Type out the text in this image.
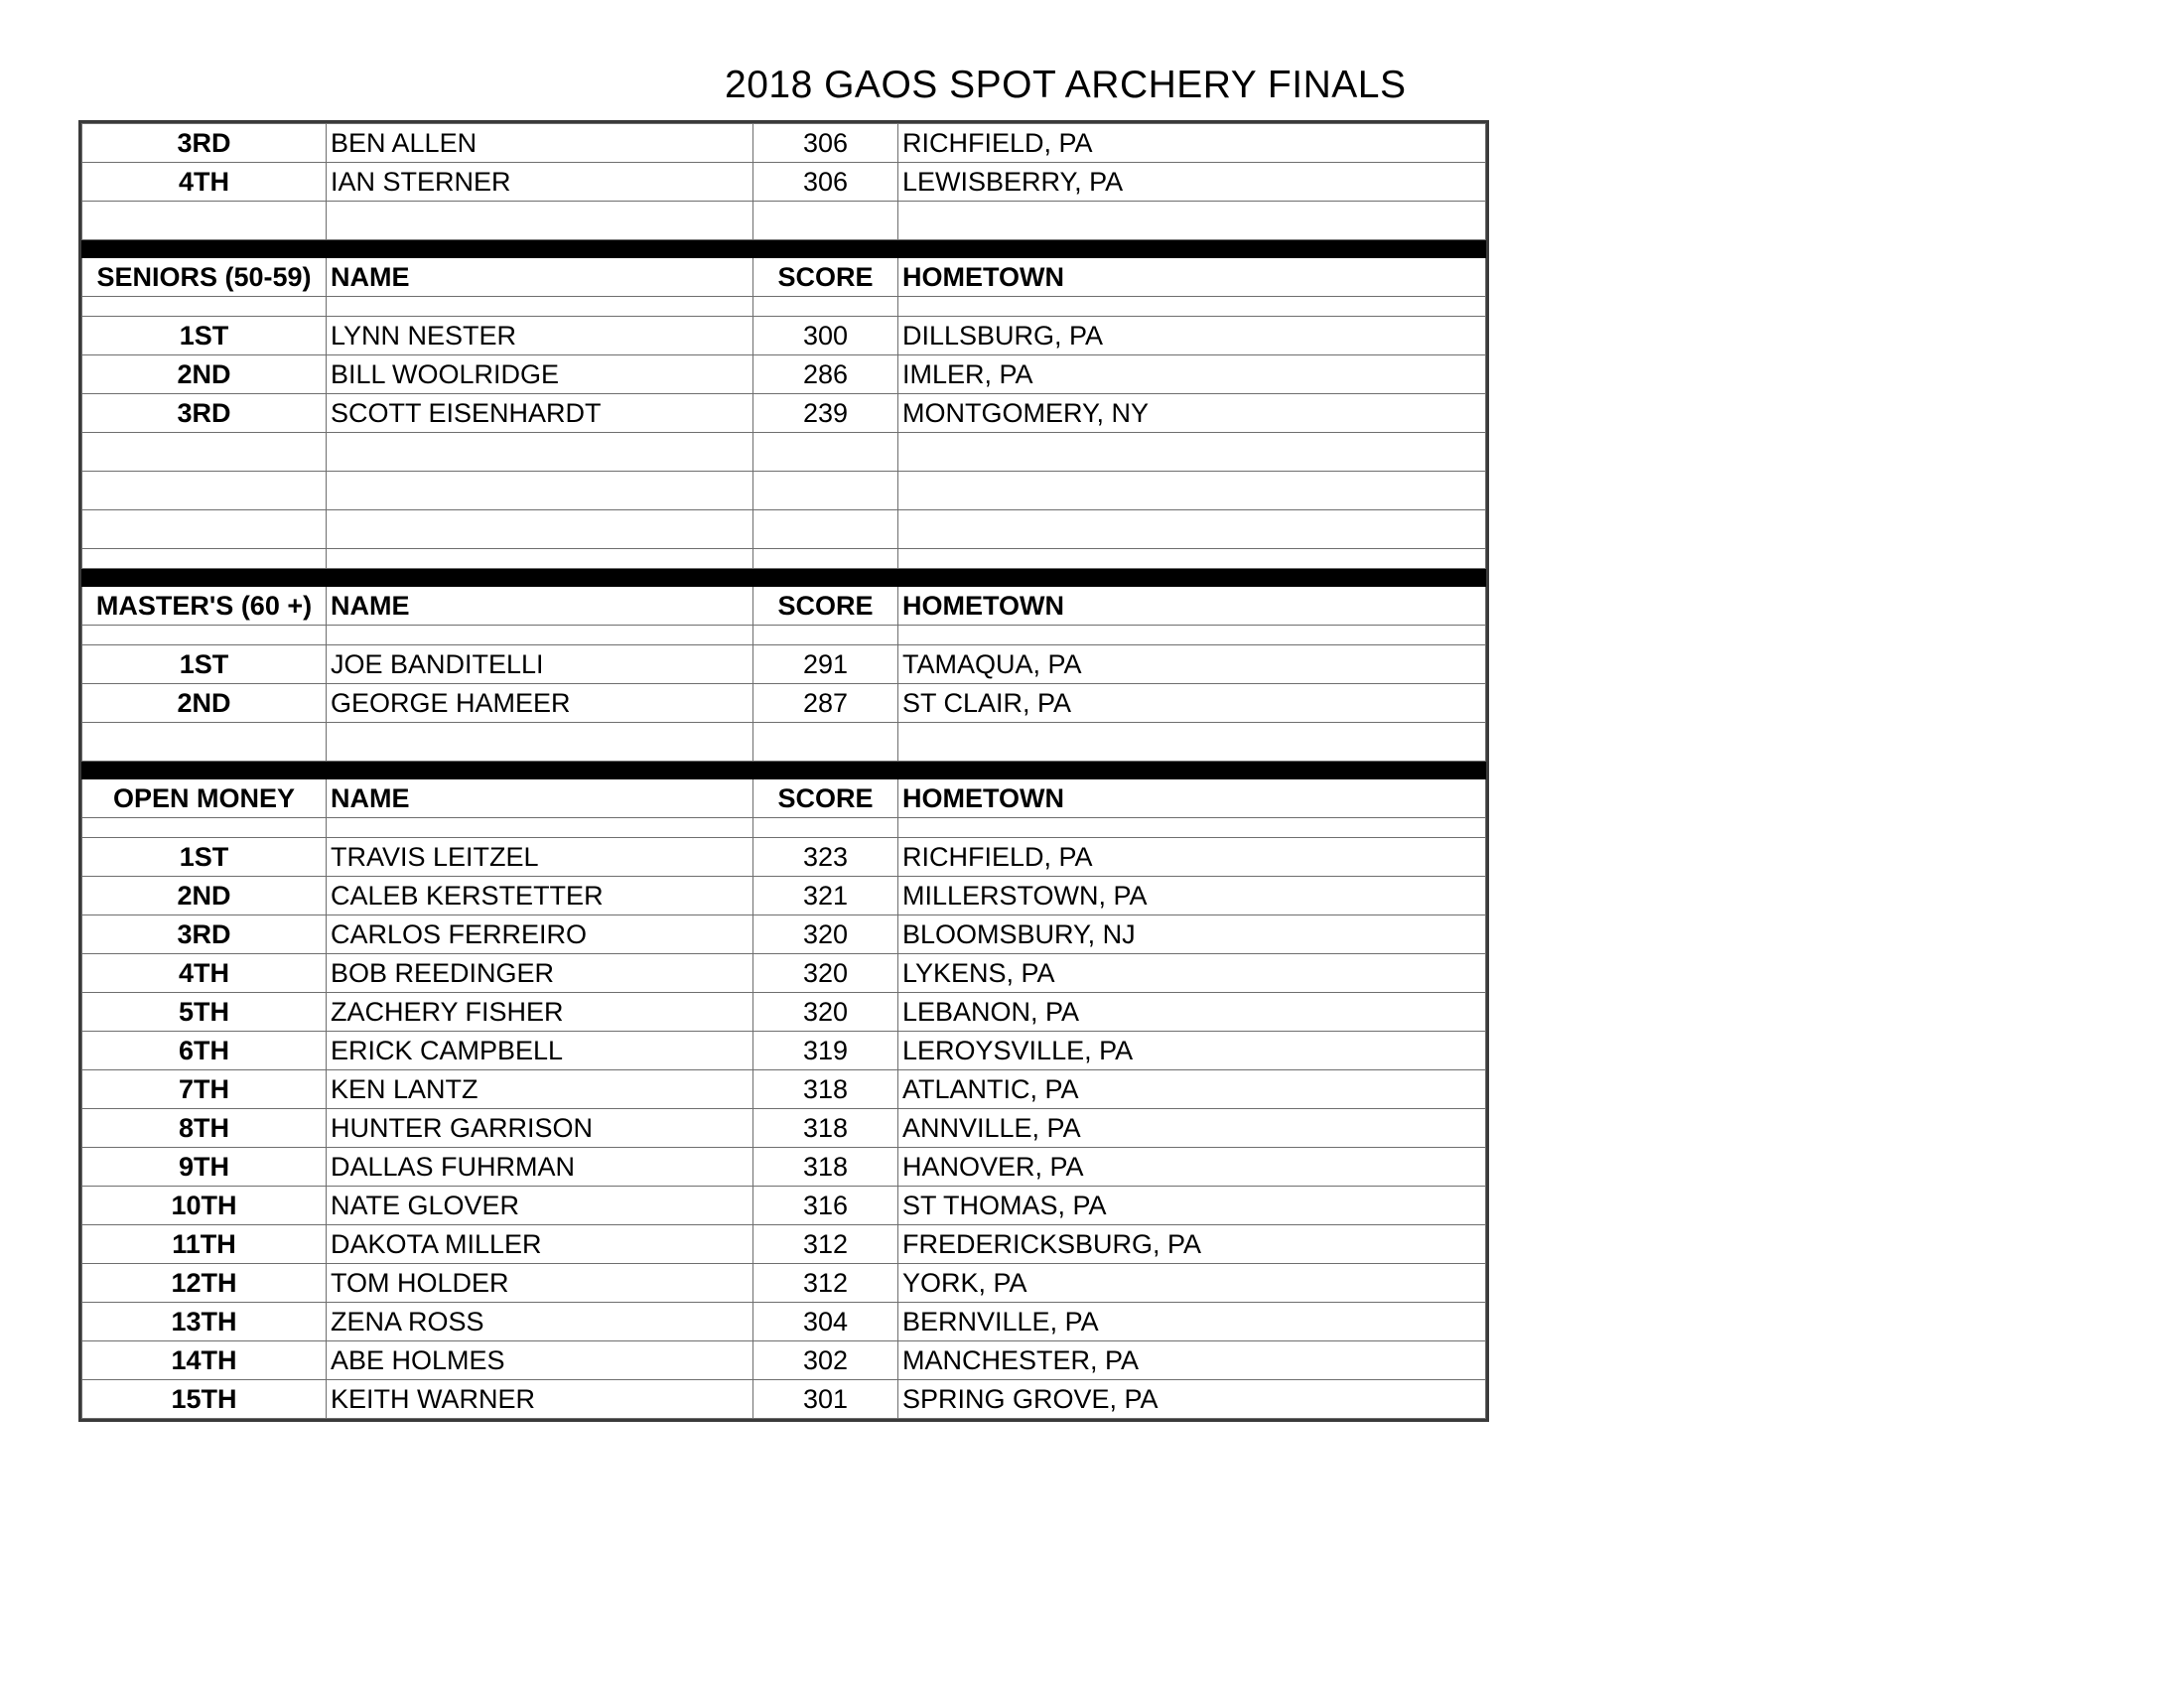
2018 GAOS SPOT ARCHERY FINALS
3RD	BEN ALLEN	306	RICHFIELD, PA
4TH	IAN STERNER	306	LEWISBERRY, PA

SENIORS (50-59)	NAME	SCORE	HOMETOWN

1ST	LYNN NESTER	300	DILLSBURG, PA
2ND	BILL WOOLRIDGE	286	IMLER, PA
3RD	SCOTT EISENHARDT	239	MONTGOMERY, NY

MASTER'S (60 +)	NAME	SCORE	HOMETOWN

1ST	JOE BANDITELLI	291	TAMAQUA, PA
2ND	GEORGE HAMEER	287	ST CLAIR, PA

OPEN MONEY	NAME	SCORE	HOMETOWN

1ST	TRAVIS LEITZEL	323	RICHFIELD, PA
2ND	CALEB KERSTETTER	321	MILLERSTOWN, PA
3RD	CARLOS FERREIRO	320	BLOOMSBURY, NJ
4TH	BOB REEDINGER	320	LYKENS, PA
5TH	ZACHERY FISHER	320	LEBANON, PA
6TH	ERICK CAMPBELL	319	LEROYSVILLE, PA
7TH	KEN LANTZ	318	ATLANTIC, PA
8TH	HUNTER GARRISON	318	ANNVILLE, PA
9TH	DALLAS FUHRMAN	318	HANOVER, PA
10TH	NATE GLOVER	316	ST THOMAS, PA
11TH	DAKOTA MILLER	312	FREDERICKSBURG, PA
12TH	TOM HOLDER	312	YORK, PA
13TH	ZENA ROSS	304	BERNVILLE, PA
14TH	ABE HOLMES	302	MANCHESTER, PA
15TH	KEITH WARNER	301	SPRING GROVE, PA
